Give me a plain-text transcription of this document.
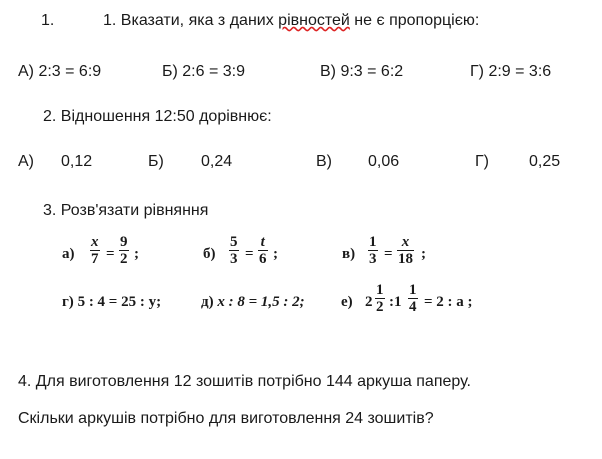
1.	1. Вказати, яка з даних рівностей не є пропорцією:
А) 2:3 = 6:9	Б) 2:6 = 3:9	В) 9:3 = 6:2	Г) 2:9 = 3:6
2. Відношення 12:50 дорівнює:
А) 0,12	Б) 0,24	В) 0,06	Г)	0,25
3. Розв'язати рівняння
$а) \frac{x}{7} = \frac{9}{2}$ ;	$б) \frac{5}{3} = \frac{t}{6}$ ;	$в) \frac{1}{3} = \frac{x}{18}$ ;
г) 5 : 4 = 25 : y;	д) x : 8 = 1,5 : 2; е) $2 \frac{1}{2}$ :1 $\frac{1}{4} = 2$ : a ;
4. Для виготовлення 12 зошитів потрібно 144 аркуша паперу.
Скільки аркушів потрібно для виготовлення 24 зошитів?
